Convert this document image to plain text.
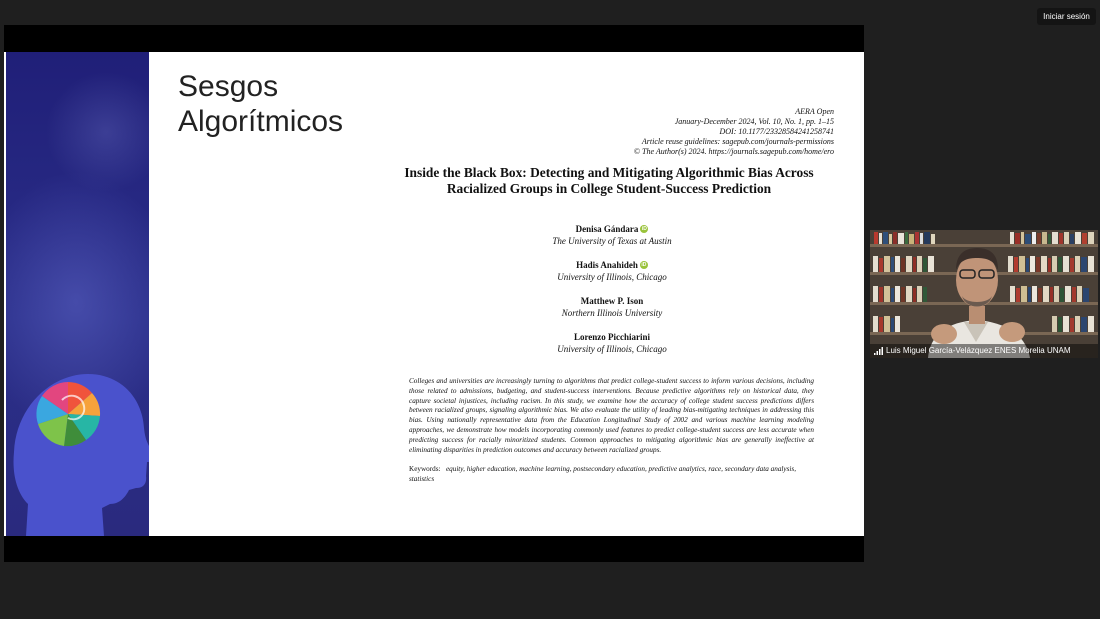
Iniciar sesión
Sesgos Algorítmicos	AERA Open
January-December 2024, Vol. 10, No. 1, pp. 1–15
DOI: 10.1177/23328584241258741
Article reuse guidelines: sagepub.com/journals-permissions
© The Author(s) 2024. https://journals.sagepub.com/home/ero
Inside the Black Box: Detecting and Mitigating Algorithmic Bias Across Racialized Groups in College Student-Success Prediction
Denisa Gándara iD
The University of Texas at Austin
Hadis Anahideh iD
University of Illinois, Chicago
Matthew P. Ison
Northern Illinois University
Lorenzo Picchiarini
University of Illinois, Chicago
Colleges and universities are increasingly turning to algorithms that predict college-student success to inform various decisions, including those related to admissions, budgeting, and student-success interventions. Because predictive algorithms rely on historical data, they capture societal injustices, including racism. In this study, we examine how the accuracy of college student success predictions differs between racialized groups, signaling algorithmic bias. We also evaluate the utility of leading bias-mitigating techniques in addressing this bias. Using nationally representative data from the Education Longitudinal Study of 2002 and various machine learning modeling approaches, we demonstrate how models incorporating commonly used features to predict college-student success are less accurate when predicting success for racially minoritized students. Common approaches to mitigating algorithmic bias are generally ineffective at eliminating disparities in prediction outcomes and accuracy between racialized groups.
Keywords: equity, higher education, machine learning, postsecondary education, predictive analytics, race, secondary data analysis, statistics
Luis Miguel García-Velázquez ENES Morelia UNAM
